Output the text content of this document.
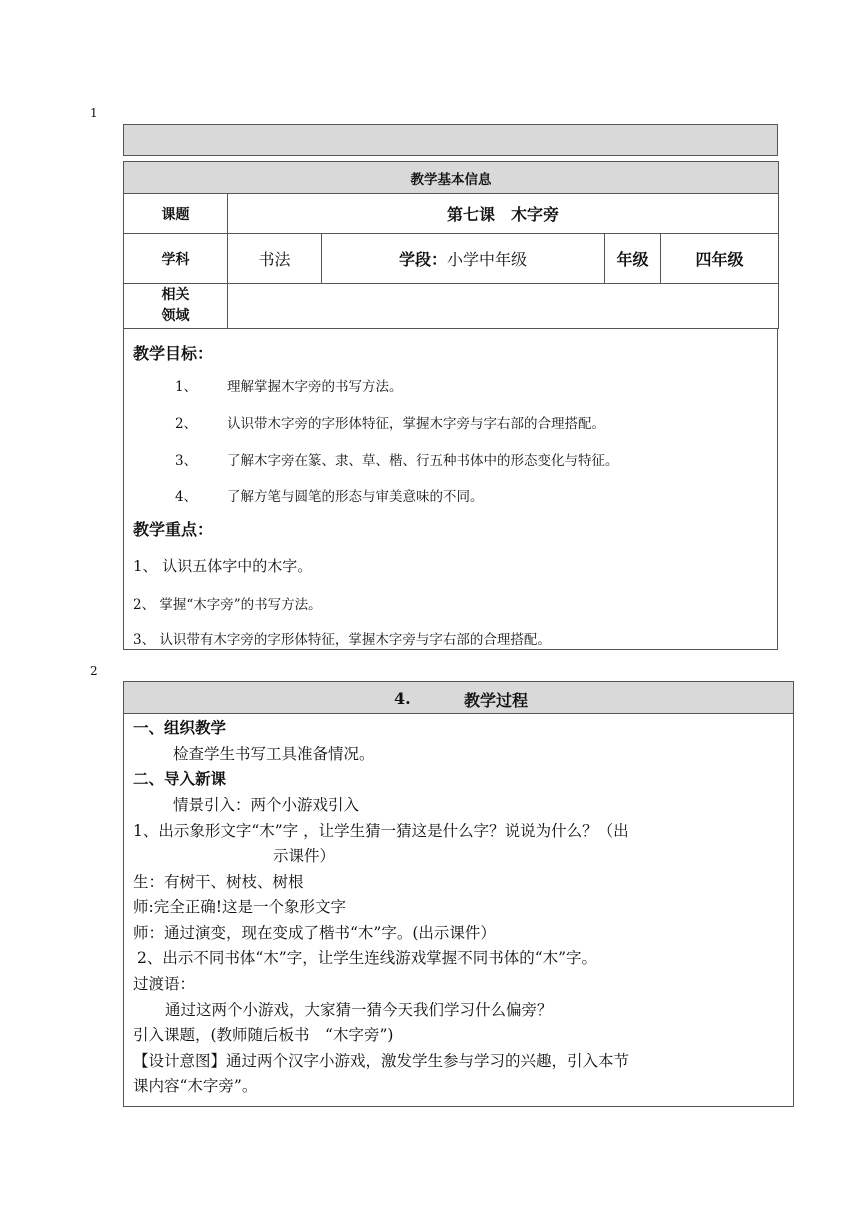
1
教学基本信息				
课题	第七课　木字旁			
学科	书法	学段：小学中年级	年级	四年级

相关
领域				

教学目标：
1、 理解掌握木字旁的书写方法。
2、 认识带木字旁的字形体特征，掌握木字旁与字右部的合理搭配。
3、 了解木字旁在篆、隶、草、楷、行五种书体中的形态变化与特征。
4、 了解方笔与圆笔的形态与审美意味的不同。
教学重点：
1、 认识五体字中的木字。
2、 掌握“木字旁”的书写方法。
3、 认识带有木字旁的字形体特征，掌握木字旁与字右部的合理搭配。
2
4.	教学过程
一、组织教学
检查学生书写工具准备情况。
二、导入新课
情景引入：两个小游戏引入
1、出示象形文字“木”字 ，让学生猜一猜这是什么字？说说为什么？（出
示课件）
生：有树干、树枝、树根
师:完全正确!这是一个象形文字
师：通过演变，现在变成了楷书“木”字。(出示课件）
2、出示不同书体“木”字，让学生连线游戏掌握不同书体的“木”字。
过渡语：
通过这两个小游戏，大家猜一猜今天我们学习什么偏旁？
引入课题，(教师随后板书　“木字旁”)
【设计意图】通过两个汉字小游戏，激发学生参与学习的兴趣，引入本节
课内容“木字旁”。
